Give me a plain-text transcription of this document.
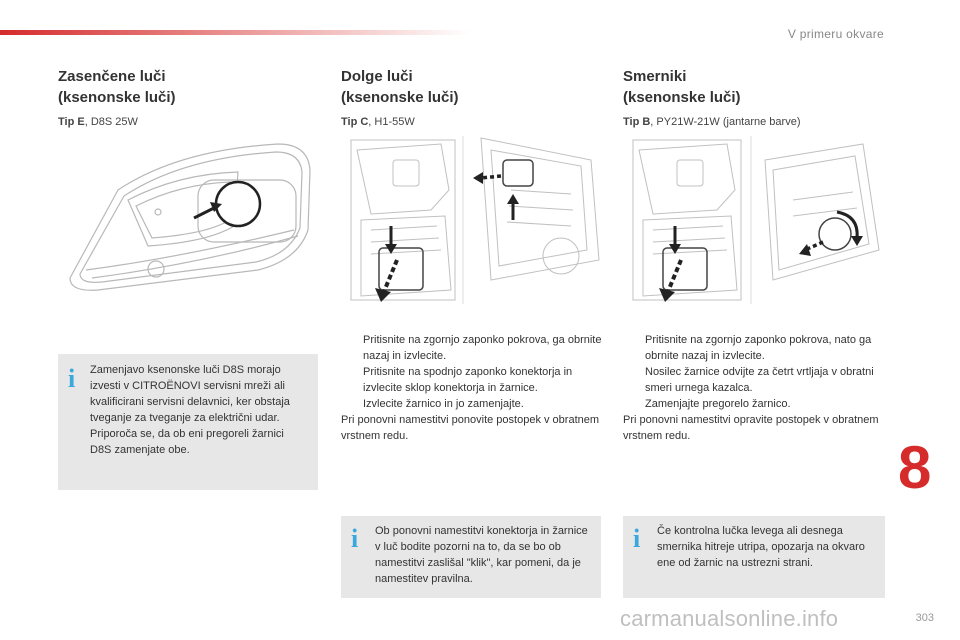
V primeru okvare
Zasenčene luči
(ksenonske luči)
Tip E, D8S 25W
Dolge luči
(ksenonske luči)
Tip C, H1-55W
Smerniki
(ksenonske luči)
Tip B, PY21W-21W (jantarne barve)
i Zamenjavo ksenonske luči D8S morajo izvesti v CITROËNOVI servisni mreži ali kvalificirani servisni delavnici, ker obstaja tveganje za tveganje za električni udar. Priporoča se, da ob eni pregoreli žarnici D8S zamenjate obe.
Pritisnite na zgornjo zaponko pokrova, ga obrnite nazaj in izvlecite.
Pritisnite na spodnjo zaponko konektorja in izvlecite sklop konektorja in žarnice.
Izvlecite žarnico in jo zamenjajte.
Pri ponovni namestitvi ponovite postopek v obratnem vrstnem redu.
Pritisnite na zgornjo zaponko pokrova, nato ga obrnite nazaj in izvlecite.
Nosilec žarnice odvijte za četrt vrtljaja v obratni smeri urnega kazalca.
Zamenjajte pregorelo žarnico.
Pri ponovni namestitvi opravite postopek v obratnem vrstnem redu.
i Ob ponovni namestitvi konektorja in žarnice v luč bodite pozorni na to, da se bo ob namestitvi zaslišal "klik", kar pomeni, da je namestitev pravilna.
i Če kontrolna lučka levega ali desnega smernika hitreje utripa, opozarja na okvaro ene od žarnic na ustrezni strani.
8
carmanualsonline.info	303
